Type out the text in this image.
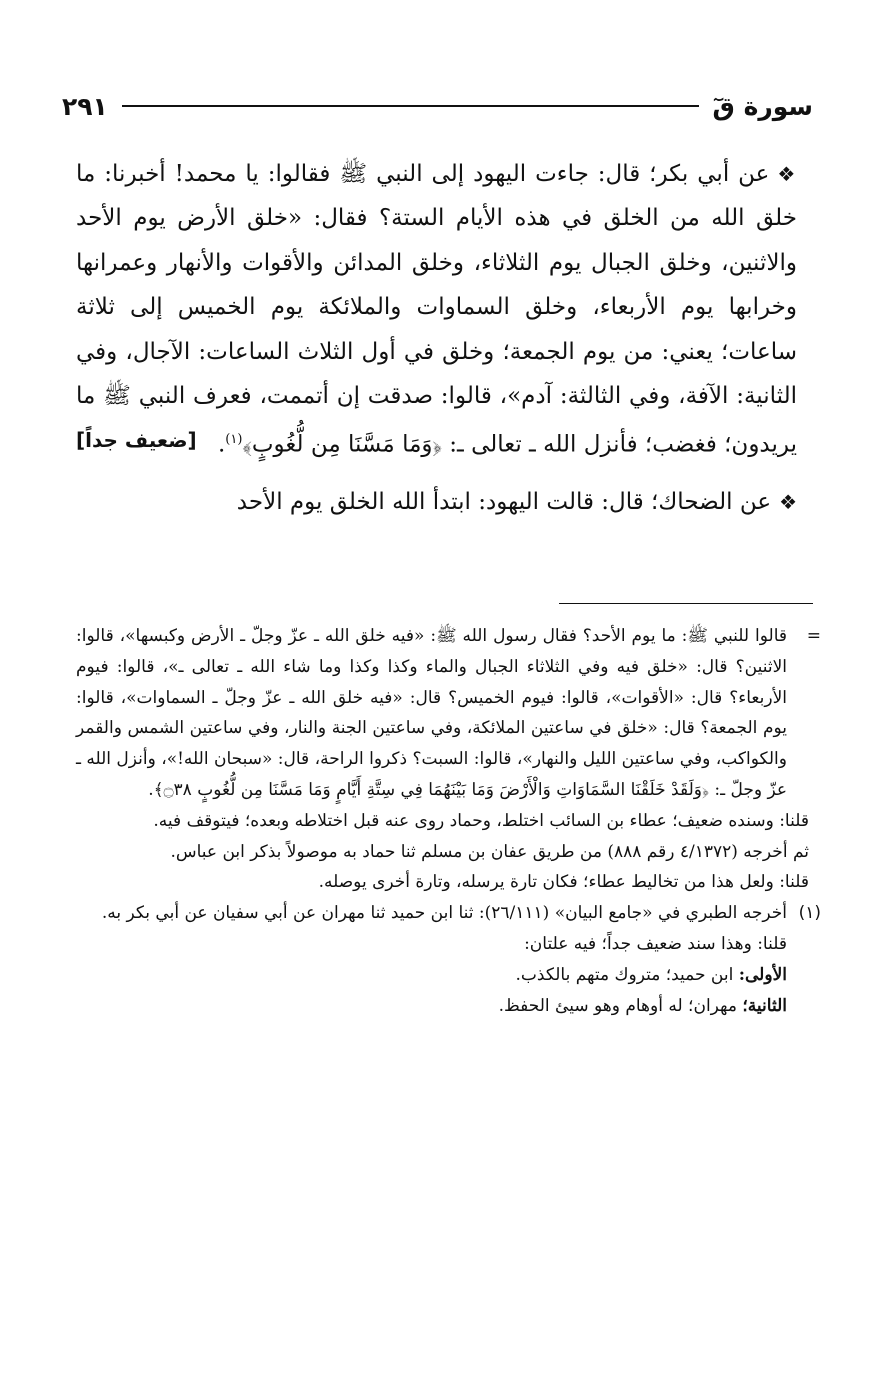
سورة قٓ
٢٩١

❖عن أبي بكر؛ قال: جاءت اليهود إلى النبي ﷺ فقالوا: يا محمد! أخبرنا: ما خلق الله من الخلق في هذه الأيام الستة؟ فقال: «خلق الأرض يوم الأحد والاثنين، وخلق الجبال يوم الثلاثاء، وخلق المدائن والأقوات والأنهار وعمرانها وخرابها يوم الأربعاء، وخلق السماوات والملائكة يوم الخميس إلى ثلاثة ساعات؛ يعني: من يوم الجمعة؛ وخلق في أول الثلاث الساعات: الآجال، وفي الثانية: الآفة، وفي الثالثة: آدم»، قالوا: صدقت إن أتممت، فعرف النبي ﷺ ما يريدون؛ فغضب؛ فأنزل الله ـ تعالى ـ: ﴿وَمَا مَسَّنَا مِن لُّغُوبٍ﴾$^{(١)}$.
[ضعيف جداً]

❖عن الضحاك؛ قال: قالت اليهود: ابتدأ الله الخلق يوم الأحد

=

قالوا للنبي ﷺ: ما يوم الأحد؟ فقال رسول الله ﷺ: «فيه خلق الله ـ عزّ وجلّ ـ الأرض وكبسها»، قالوا: الاثنين؟ قال: «خلق فيه وفي الثلاثاء الجبال والماء وكذا وكذا وما شاء الله ـ تعالى ـ»، قالوا: فيوم الأربعاء؟ قال: «الأقوات»، قالوا: فيوم الخميس؟ قال: «فيه خلق الله ـ عزّ وجلّ ـ السماوات»، قالوا: يوم الجمعة؟ قال: «خلق في ساعتين الملائكة، وفي ساعتين الجنة والنار، وفي ساعتين الشمس والقمر والكواكب، وفي ساعتين الليل والنهار»، قالوا: السبت؟ ذكروا الراحة، قال: «سبحان الله!»، وأنزل الله ـ عزّ وجلّ ـ: ﴿وَلَقَدْ خَلَقْنَا السَّمَاوَاتِ وَالْأَرْضَ وَمَا بَيْنَهُمَا فِي سِتَّةِ أَيَّامٍ وَمَا مَسَّنَا مِن لُّغُوبٍ ۝٣٨﴾.

قلنا: وسنده ضعيف؛ عطاء بن السائب اختلط، وحماد روى عنه قبل اختلاطه وبعده؛ فيتوقف فيه.

ثم أخرجه (٤/١٣٧٢ رقم ٨٨٨) من طريق عفان بن مسلم ثنا حماد به موصولاً بذكر ابن عباس.

قلنا: ولعل هذا من تخاليط عطاء؛ فكان تارة يرسله، وتارة أخرى يوصله.

(١)

أخرجه الطبري في «جامع البيان» (٢٦/١١١): ثنا ابن حميد ثنا مهران عن أبي سفيان عن أبي بكر به.

قلنا: وهذا سند ضعيف جداً؛ فيه علتان:

الأولى: ابن حميد؛ متروك متهم بالكذب.

الثانية؛ مهران؛ له أوهام وهو سيئ الحفظ.
